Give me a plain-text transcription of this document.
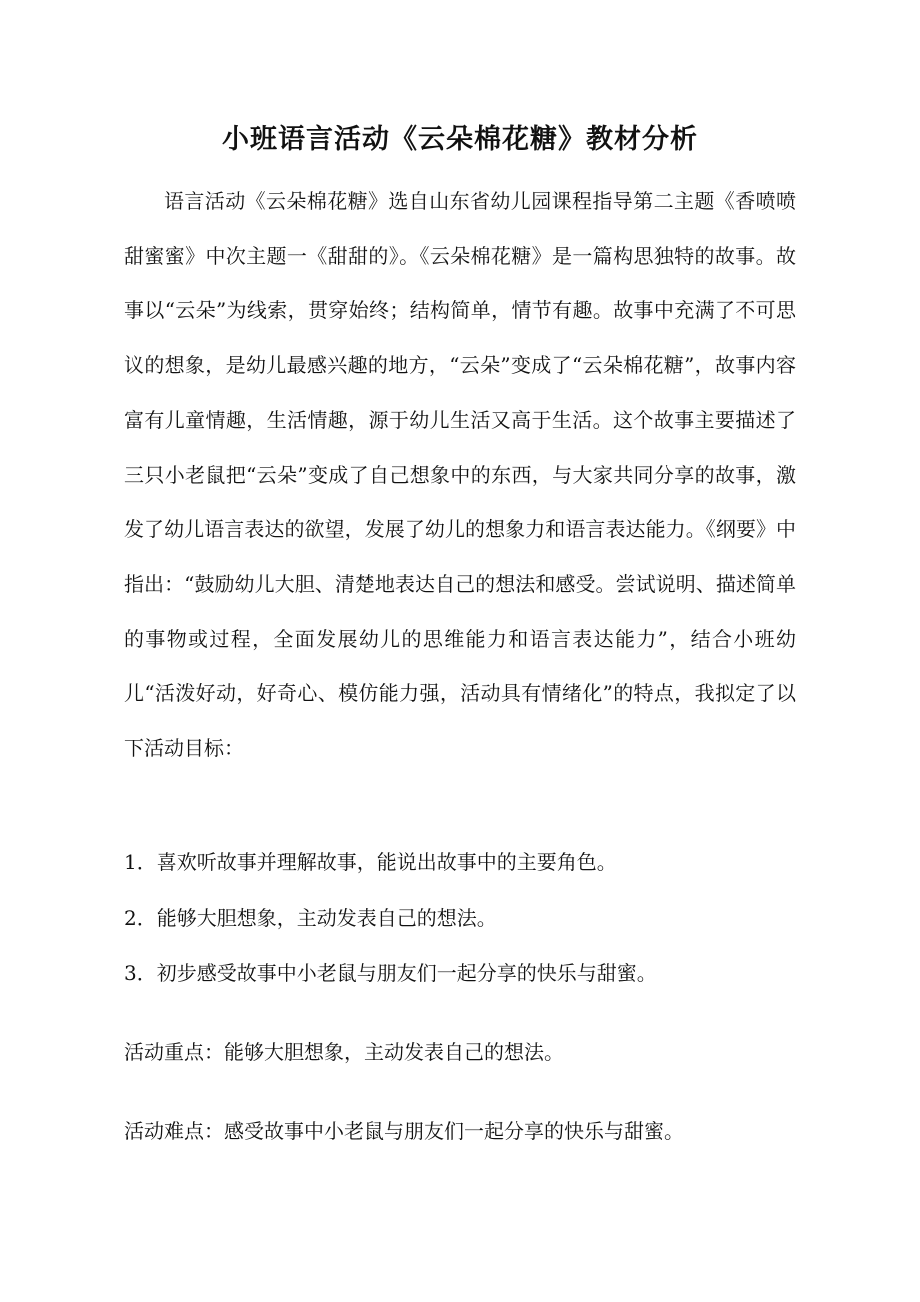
小班语言活动《云朵棉花糖》教材分析

语言活动《云朵棉花糖》选自山东省幼儿园课程指导第二主题《香喷喷 甜蜜蜜》中次主题一《甜甜的》。《云朵棉花糖》是一篇构思独特的故事。故事以“云朵”为线索，贯穿始终；结构简单，情节有趣。故事中充满了不可思议的想象，是幼儿最感兴趣的地方，“云朵”变成了“云朵棉花糖”，故事内容富有儿童情趣，生活情趣，源于幼儿生活又高于生活。这个故事主要描述了三只小老鼠把“云朵”变成了自己想象中的东西，与大家共同分享的故事，激发了幼儿语言表达的欲望，发展了幼儿的想象力和语言表达能力。《纲要》中指出：“鼓励幼儿大胆、清楚地表达自己的想法和感受。尝试说明、描述简单的事物或过程，全面发展幼儿的思维能力和语言表达能力”，结合小班幼儿“活泼好动，好奇心、模仿能力强，活动具有情绪化”的特点，我拟定了以下活动目标：

1．喜欢听故事并理解故事，能说出故事中的主要角色。

2．能够大胆想象，主动发表自己的想法。

3．初步感受故事中小老鼠与朋友们一起分享的快乐与甜蜜。

活动重点：能够大胆想象，主动发表自己的想法。

活动难点：感受故事中小老鼠与朋友们一起分享的快乐与甜蜜。
